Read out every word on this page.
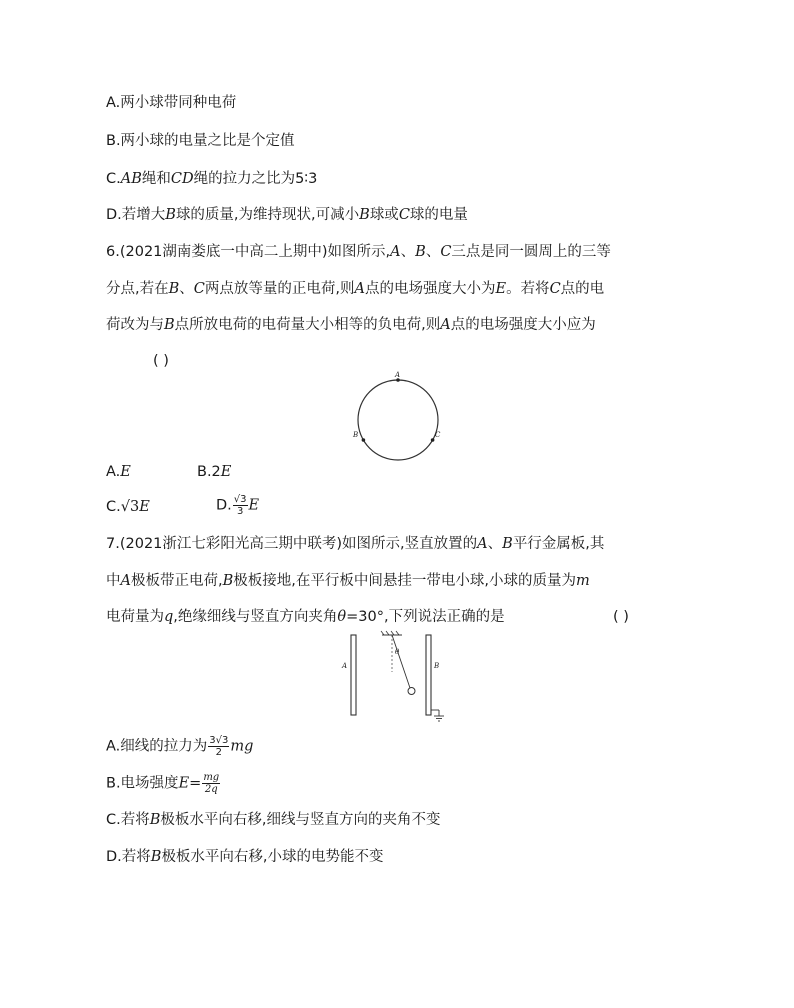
A.两小球带同种电荷
B.两小球的电量之比是个定值
C.AB绳和CD绳的拉力之比为5∶3
D.若增大B球的质量,为维持现状,可减小B球或C球的电量
6.(2021湖南娄底一中高二上期中)如图所示,A、B、C三点是同一圆周上的三等
分点,若在B、C两点放等量的正电荷,则A点的电场强度大小为E。若将C点的电
荷改为与B点所放电荷的电荷量大小相等的负电荷,则A点的电场强度大小应为
( )
A
B	C
A.E	B.2E
C.√3E	D. $\frac{√3}{3}$ E
7.(2021浙江七彩阳光高三期中联考)如图所示,竖直放置的A、B平行金属板,其
中A极板带正电荷,B极板接地,在平行板中间悬挂一带电小球,小球的质量为m
电荷量为q,绝缘细线与竖直方向夹角θ=30°,下列说法正确的是	( )
A	B
θ
A.细线的拉力为 $\frac{3√3}{2}$ mg
B.电场强度$E= \frac{mg}{2q}$
C.若将B极板水平向右移,细线与竖直方向的夹角不变
D.若将B极板水平向右移,小球的电势能不变
